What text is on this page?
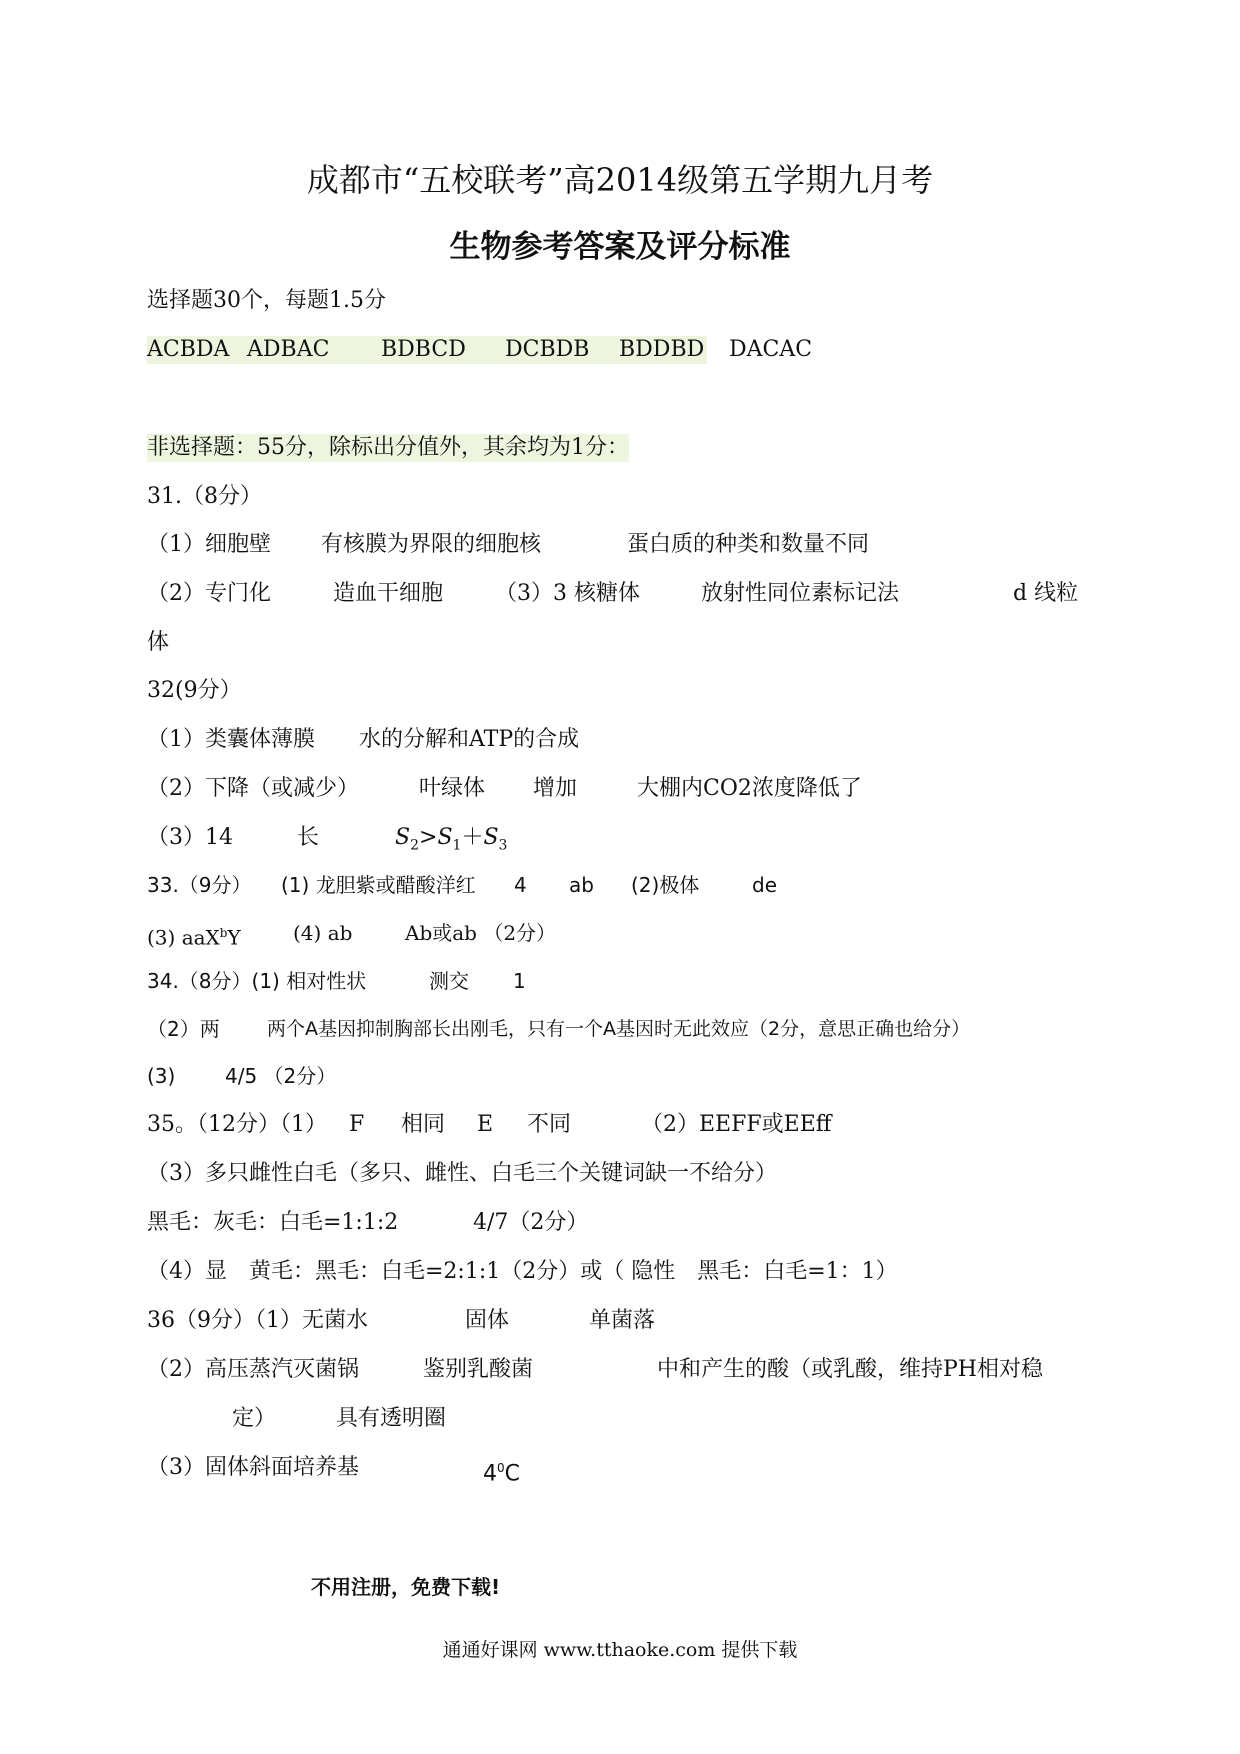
成都市“五校联考”高2014级第五学期九月考
生物参考答案及评分标准
选择题30个，每题1.5分
ACBDA ADBAC BDBCD DCBDB BDDBD DACAC
非选择题：55分，除标出分值外，其余均为1分：
31.（8分）
（1）细胞壁 有核膜为界限的细胞核	蛋白质的种类和数量不同
（2）专门化	造血干细胞 （3）3 核糖体	放射性同位素标记法	d 线粒
体
32(9分）
（1）类囊体薄膜 水的分解和ATP的合成
（2）下降（或减少）	叶绿体 增加	大棚内CO2浓度降低了
（3）14	长	$S_2>S_1+S_3$
33.（9分） (1) 龙胆紫或醋酸洋红 4 ab (2)极体	de
(3) aaX$^b$Y	(4) ab	Ab或ab （2分）
34.（8分）(1) 相对性状	测交 1
（2）两 两个A基因抑制胸部长出刚毛，只有一个A基因时无此效应（2分，意思正确也给分）
(3) 4/5 （2分）
35。（12分）（1） F 相同 E 不同	（2）EEFF或EEff
（3）多只雌性白毛（多只、雌性、白毛三个关键词缺一不给分）
黑毛：灰毛：白毛=1:1:2	4/7（2分）
（4）显　黄毛：黑毛：白毛=2:1:1（2分）或（ 隐性　黑毛：白毛=1：1）
36（9分）（1）无菌水	固体	单菌落
（2）高压蒸汽灭菌锅	鉴别乳酸菌	中和产生的酸（或乳酸，维持PH相对稳
定）	具有透明圈
（3）固体斜面培养基	$4^0C$
不用注册，免费下载!
通通好课网 www.tthaoke.com 提供下载
